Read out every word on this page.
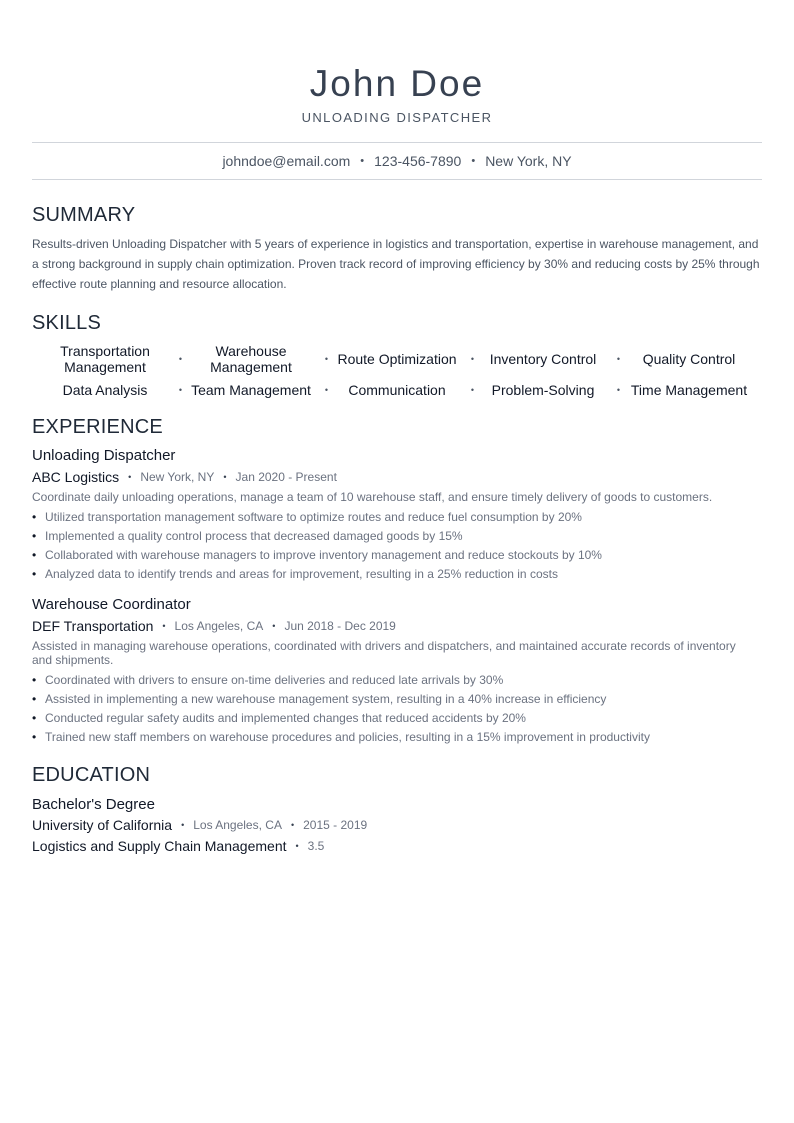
John Doe
UNLOADING DISPATCHER
johndoe@email.com • 123-456-7890 • New York, NY
SUMMARY
Results-driven Unloading Dispatcher with 5 years of experience in logistics and transportation, expertise in warehouse management, and a strong background in supply chain optimization. Proven track record of improving efficiency by 30% and reducing costs by 25% through effective route planning and resource allocation.
SKILLS
Transportation Management	•	Warehouse Management	• Route Optimization • Inventory Control • Quality Control
Data Analysis	• Team Management • Communication	• Problem-Solving • Time Management
EXPERIENCE
Unloading Dispatcher
ABC Logistics • New York, NY • Jan 2020 - Present
Coordinate daily unloading operations, manage a team of 10 warehouse staff, and ensure timely delivery of goods to customers.
• Utilized transportation management software to optimize routes and reduce fuel consumption by 20%
• Implemented a quality control process that decreased damaged goods by 15%
• Collaborated with warehouse managers to improve inventory management and reduce stockouts by 10%
• Analyzed data to identify trends and areas for improvement, resulting in a 25% reduction in costs
Warehouse Coordinator
DEF Transportation • Los Angeles, CA • Jun 2018 - Dec 2019
Assisted in managing warehouse operations, coordinated with drivers and dispatchers, and maintained accurate records of inventory and shipments.
• Coordinated with drivers to ensure on-time deliveries and reduced late arrivals by 30%
• Assisted in implementing a new warehouse management system, resulting in a 40% increase in efficiency
• Conducted regular safety audits and implemented changes that reduced accidents by 20%
• Trained new staff members on warehouse procedures and policies, resulting in a 15% improvement in productivity
EDUCATION
Bachelor's Degree
University of California • Los Angeles, CA • 2015 - 2019
Logistics and Supply Chain Management • 3.5
